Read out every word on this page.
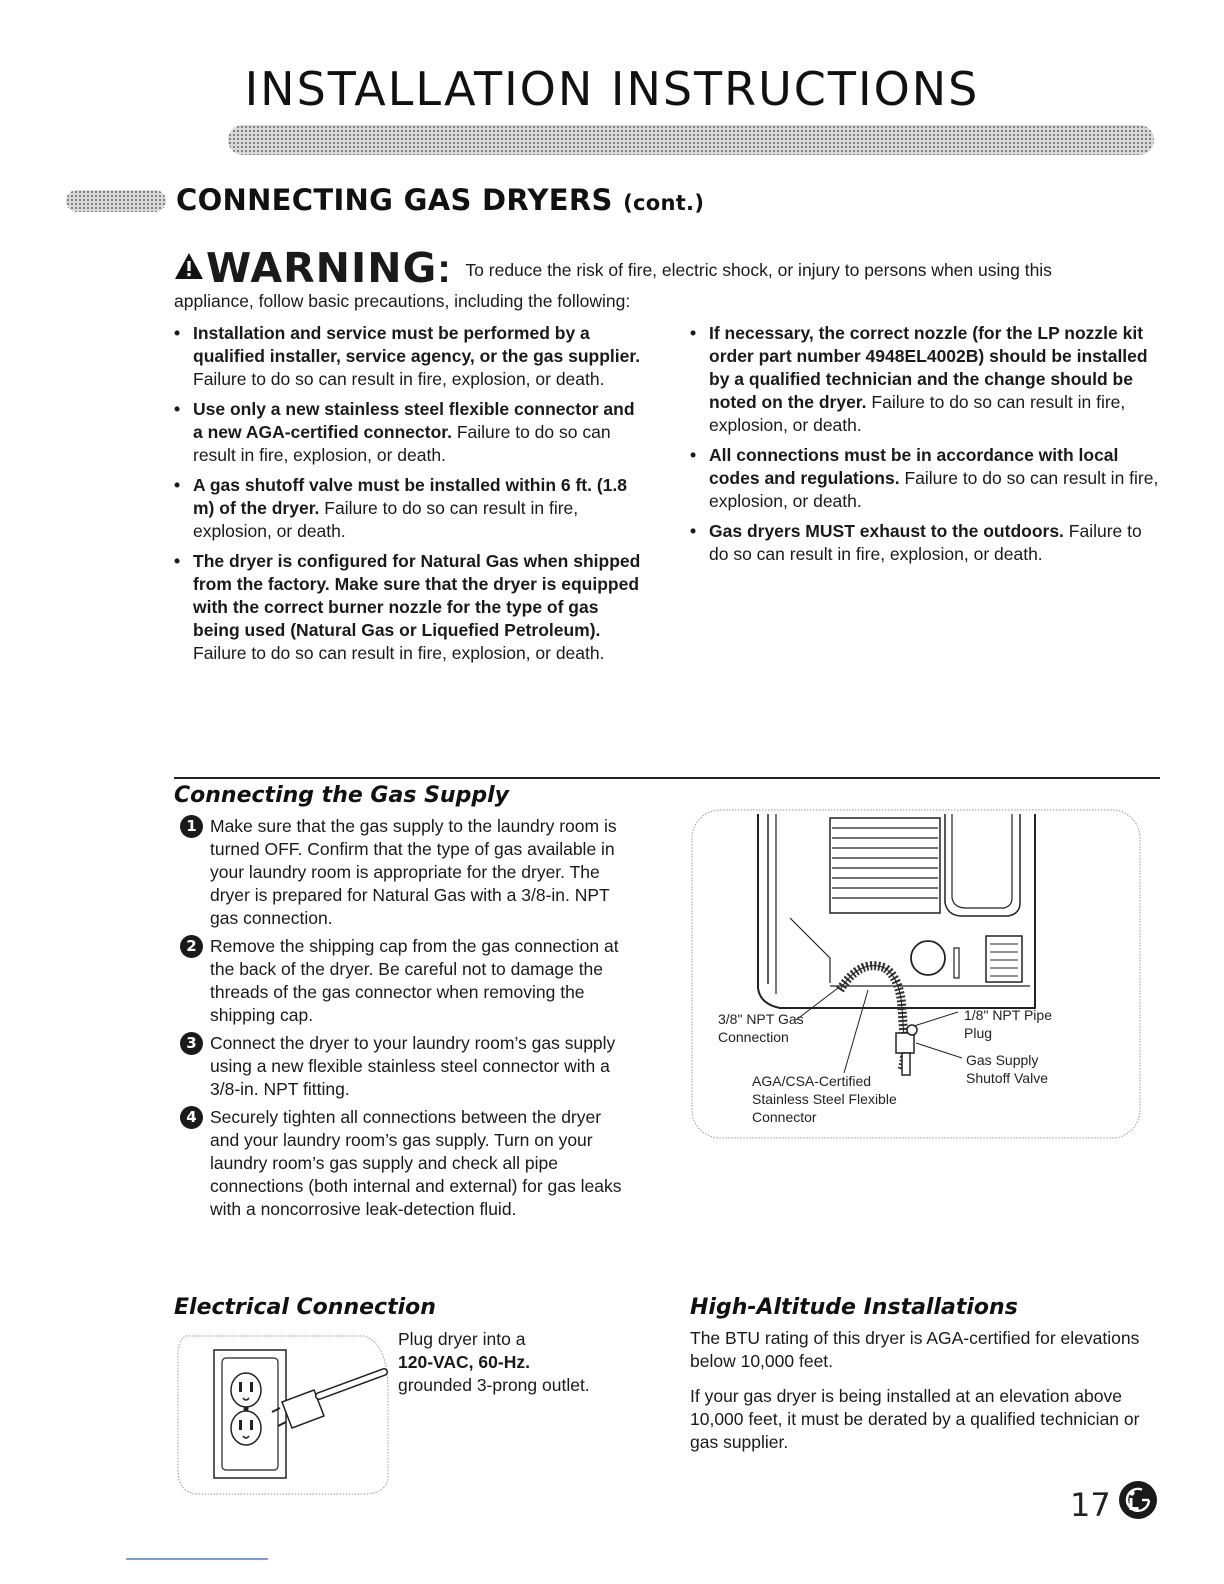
INSTALLATION INSTRUCTIONS
CONNECTING GAS DRYERS (cont.)
WARNING: To reduce the risk of fire, electric shock, or injury to persons when using this
appliance, follow basic precautions, including the following:
• Installation and service must be performed by a qualified installer, service agency, or the gas supplier. Failure to do so can result in fire, explosion, or death.
• Use only a new stainless steel flexible connector and a new AGA-certified connector. Failure to do so can result in fire, explosion, or death.
• A gas shutoff valve must be installed within 6 ft. (1.8 m) of the dryer. Failure to do so can result in fire, explosion, or death.
• The dryer is configured for Natural Gas when shipped from the factory. Make sure that the dryer is equipped with the correct burner nozzle for the type of gas being used (Natural Gas or Liquefied Petroleum). Failure to do so can result in fire, explosion, or death.
• If necessary, the correct nozzle (for the LP nozzle kit order part number 4948EL4002B) should be installed by a qualified technician and the change should be noted on the dryer. Failure to do so can result in fire, explosion, or death.
• All connections must be in accordance with local codes and regulations. Failure to do so can result in fire, explosion, or death.
• Gas dryers MUST exhaust to the outdoors. Failure to do so can result in fire, explosion, or death.
Connecting the Gas Supply
1 Make sure that the gas supply to the laundry room is turned OFF. Confirm that the type of gas available in your laundry room is appropriate for the dryer. The dryer is prepared for Natural Gas with a 3/8-in. NPT gas connection.
2 Remove the shipping cap from the gas connection at the back of the dryer. Be careful not to damage the threads of the gas connector when removing the shipping cap.
3 Connect the dryer to your laundry room’s gas supply using a new flexible stainless steel connector with a 3/8-in. NPT fitting.
4 Securely tighten all connections between the dryer and your laundry room’s gas supply. Turn on your laundry room’s gas supply and check all pipe connections (both internal and external) for gas leaks with a noncorrosive leak-detection fluid.
3/8" NPT Gas Connection
AGA/CSA-Certified Stainless Steel Flexible Connector
1/8" NPT Pipe Plug
Gas Supply Shutoff Valve
Electrical Connection
Plug dryer into a
120-VAC, 60-Hz.
grounded 3-prong outlet.
High-Altitude Installations

The BTU rating of this dryer is AGA-certified for elevations below 10,000 feet.

If your gas dryer is being installed at an elevation above 10,000 feet, it must be derated by a qualified technician or gas supplier.

17
